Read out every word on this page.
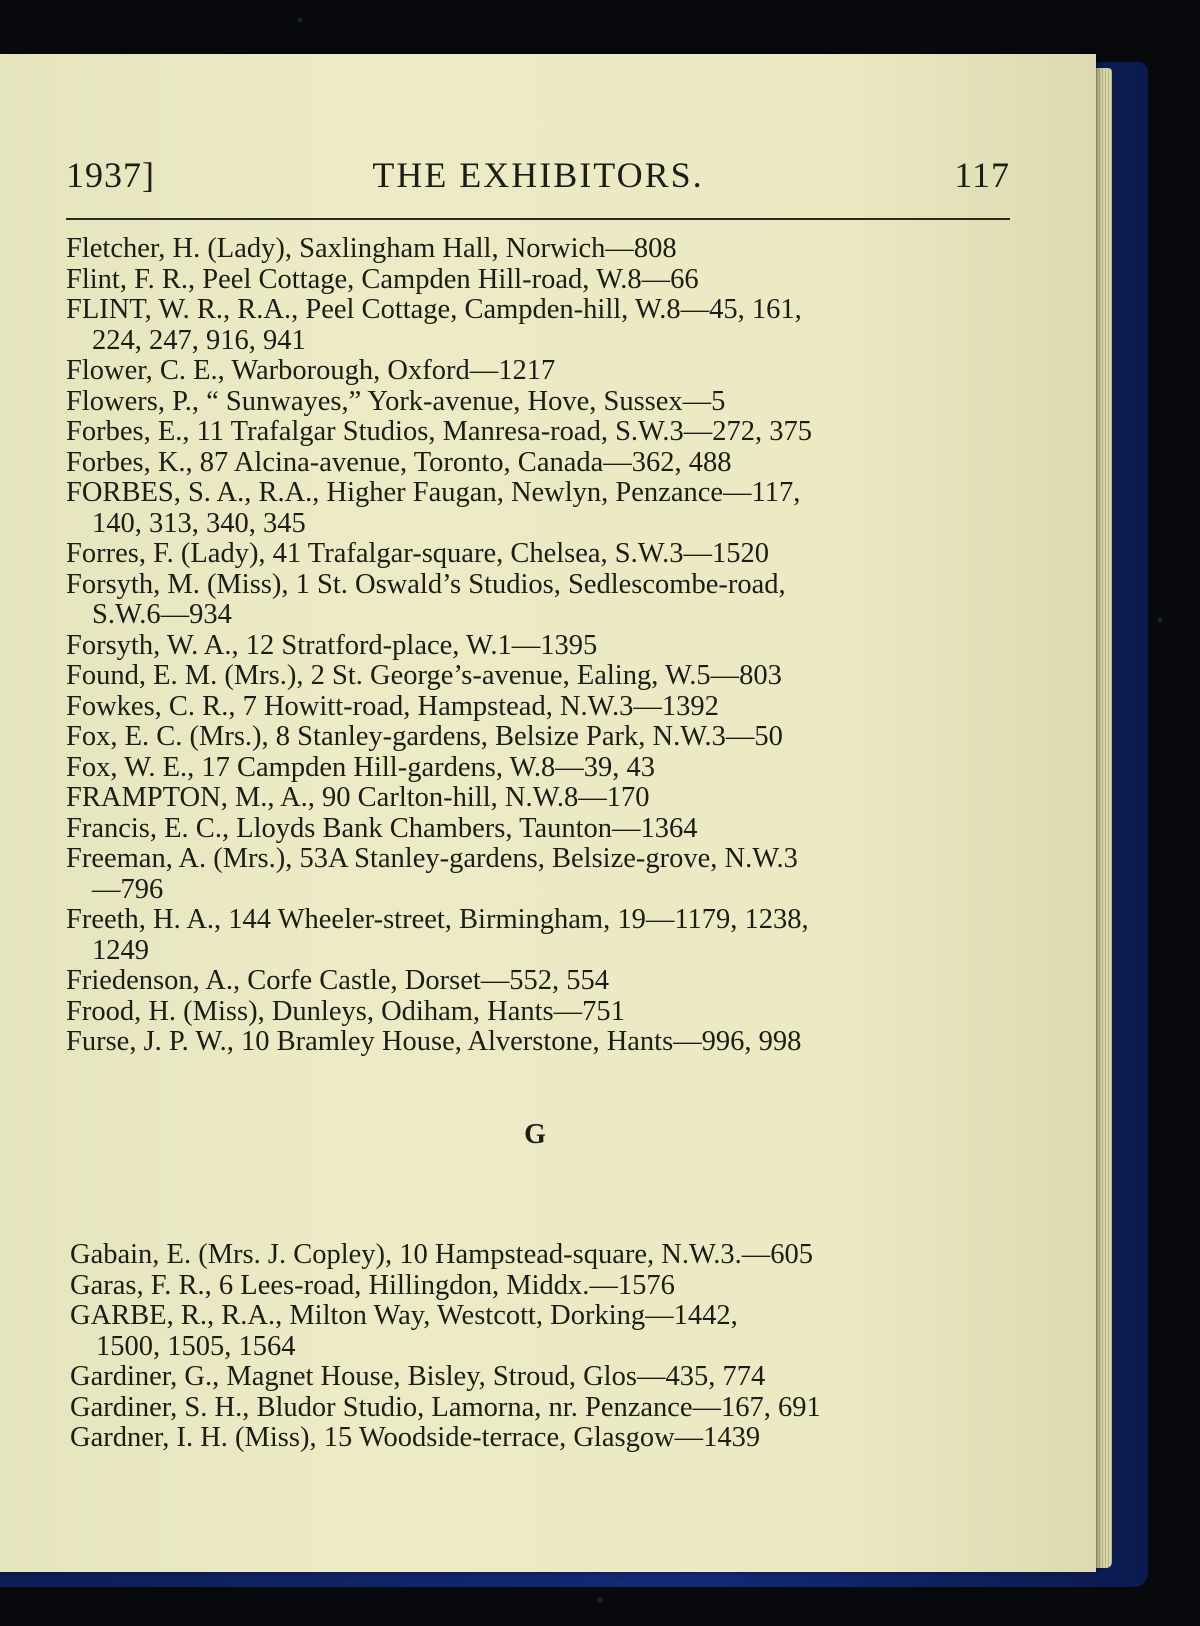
1937]	THE EXHIBITORS.	117
Fletcher, H. (Lady), Saxlingham Hall, Norwich—808
Flint, F. R., Peel Cottage, Campden Hill-road, W.8—66
FLINT, W. R., R.A., Peel Cottage, Campden-hill, W.8—45, 161,
224, 247, 916, 941
Flower, C. E., Warborough, Oxford—1217
Flowers, P., “ Sunwayes,” York-avenue, Hove, Sussex—5
Forbes, E., 11 Trafalgar Studios, Manresa-road, S.W.3—272, 375
Forbes, K., 87 Alcina-avenue, Toronto, Canada—362, 488
FORBES, S. A., R.A., Higher Faugan, Newlyn, Penzance—117,
140, 313, 340, 345
Forres, F. (Lady), 41 Trafalgar-square, Chelsea, S.W.3—1520
Forsyth, M. (Miss), 1 St. Oswald’s Studios, Sedlescombe-road,
S.W.6—934
Forsyth, W. A., 12 Stratford-place, W.1—1395
Found, E. M. (Mrs.), 2 St. George’s-avenue, Ealing, W.5—803
Fowkes, C. R., 7 Howitt-road, Hampstead, N.W.3—1392
Fox, E. C. (Mrs.), 8 Stanley-gardens, Belsize Park, N.W.3—50
Fox, W. E., 17 Campden Hill-gardens, W.8—39, 43
FRAMPTON, M., A., 90 Carlton-hill, N.W.8—170
Francis, E. C., Lloyds Bank Chambers, Taunton—1364
Freeman, A. (Mrs.), 53A Stanley-gardens, Belsize-grove, N.W.3
—796
Freeth, H. A., 144 Wheeler-street, Birmingham, 19—1179, 1238,
1249
Friedenson, A., Corfe Castle, Dorset—552, 554
Frood, H. (Miss), Dunleys, Odiham, Hants—751
Furse, J. P. W., 10 Bramley House, Alverstone, Hants—996, 998
G
Gabain, E. (Mrs. J. Copley), 10 Hampstead-square, N.W.3.—605
Garas, F. R., 6 Lees-road, Hillingdon, Middx.—1576
GARBE, R., R.A., Milton Way, Westcott, Dorking—1442,
1500, 1505, 1564
Gardiner, G., Magnet House, Bisley, Stroud, Glos—435, 774
Gardiner, S. H., Bludor Studio, Lamorna, nr. Penzance—167, 691
Gardner, I. H. (Miss), 15 Woodside-terrace, Glasgow—1439
